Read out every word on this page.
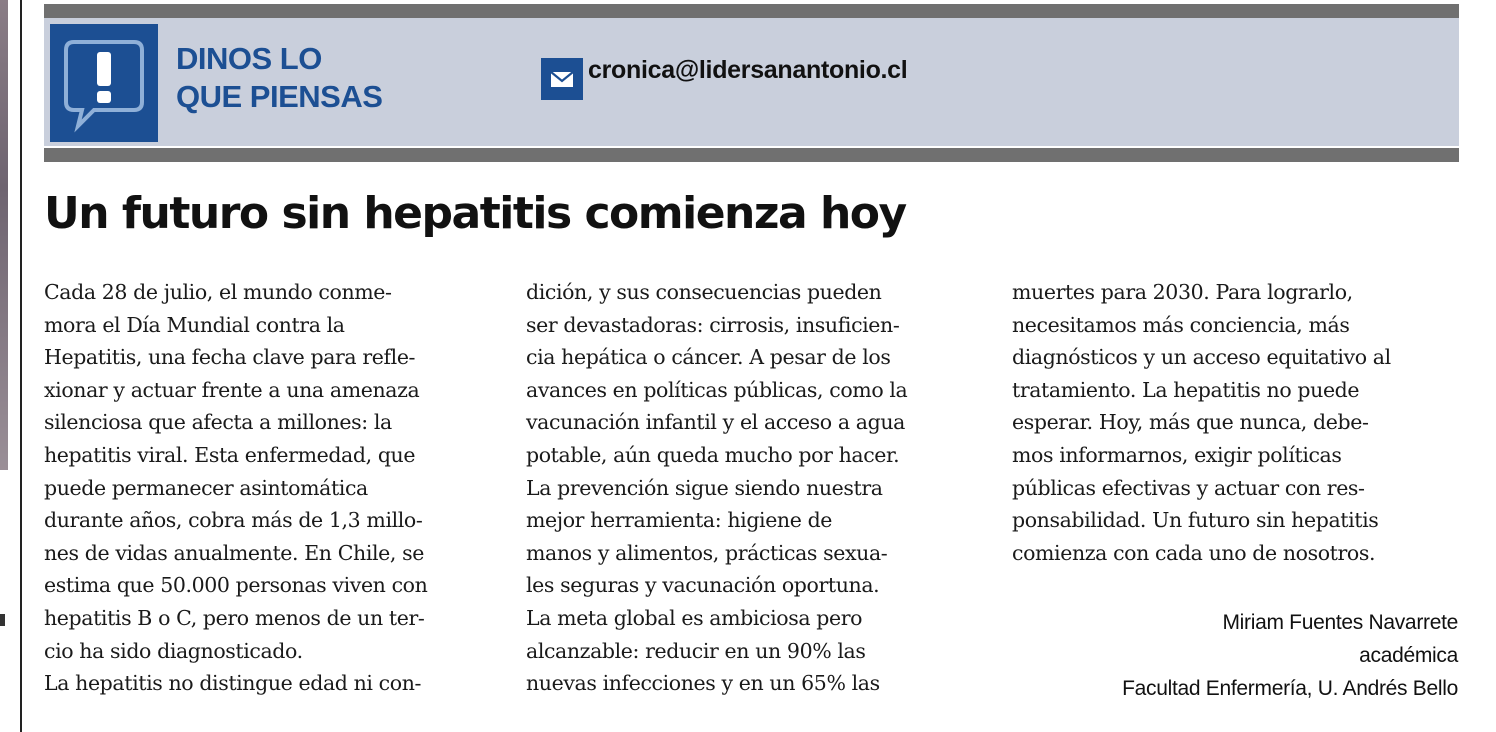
DINOS LO
QUE PIENSAS
cronica@lidersanantonio.cl
Un futuro sin hepatitis comienza hoy
Cada 28 de julio, el mundo conme-
mora el Día Mundial contra la
Hepatitis, una fecha clave para refle-
xionar y actuar frente a una amenaza
silenciosa que afecta a millones: la
hepatitis viral. Esta enfermedad, que
puede permanecer asintomática
durante años, cobra más de 1,3 millo-
nes de vidas anualmente. En Chile, se
estima que 50.000 personas viven con
hepatitis B o C, pero menos de un ter-
cio ha sido diagnosticado.
La hepatitis no distingue edad ni con-
dición, y sus consecuencias pueden
ser devastadoras: cirrosis, insuficien-
cia hepática o cáncer. A pesar de los
avances en políticas públicas, como la
vacunación infantil y el acceso a agua
potable, aún queda mucho por hacer.
La prevención sigue siendo nuestra
mejor herramienta: higiene de
manos y alimentos, prácticas sexua-
les seguras y vacunación oportuna.
La meta global es ambiciosa pero
alcanzable: reducir en un 90% las
nuevas infecciones y en un 65% las
muertes para 2030. Para lograrlo,
necesitamos más conciencia, más
diagnósticos y un acceso equitativo al
tratamiento. La hepatitis no puede
esperar. Hoy, más que nunca, debe-
mos informarnos, exigir políticas
públicas efectivas y actuar con res-
ponsabilidad. Un futuro sin hepatitis
comienza con cada uno de nosotros.
Miriam Fuentes Navarrete
académica
Facultad Enfermería, U. Andrés Bello
